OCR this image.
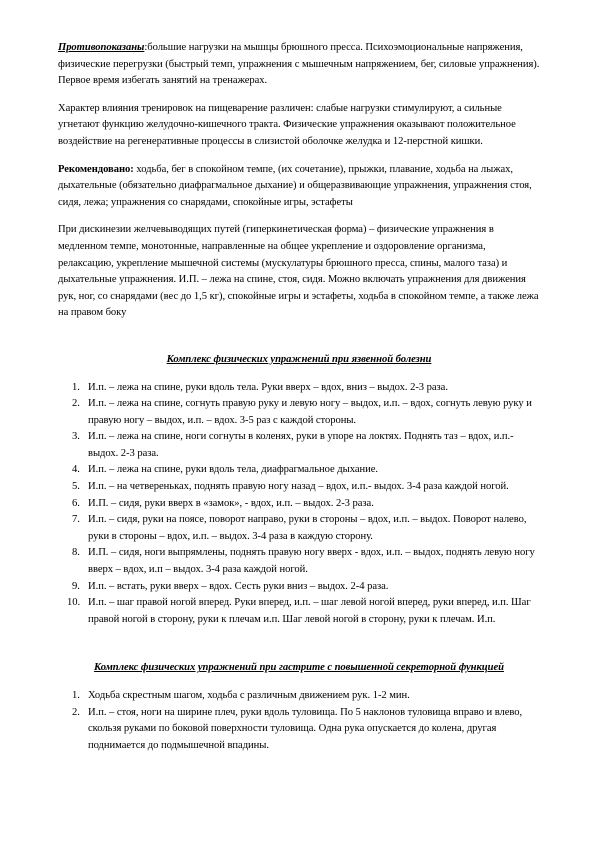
Противопоказаны:большие нагрузки на мышцы брюшного пресса. Психоэмоциональные напряжения, физические перегрузки (быстрый темп, упражнения с мышечным напряжением, бег, силовые упражнения). Первое время избегать занятий на тренажерах.

Характер влияния тренировок на пищеварение различен: слабые нагрузки стимулируют, а сильные угнетают функцию желудочно-кишечного тракта. Физические упражнения оказывают положительное воздействие на регенеративные процессы в слизистой оболочке желудка и 12-перстной кишки.

Рекомендовано: ходьба, бег в спокойном темпе, (их сочетание), прыжки, плавание, ходьба на лыжах, дыхательные (обязательно диафрагмальное дыхание) и общеразвивающие упражнения, упражнения стоя, сидя, лежа; упражнения со снарядами, спокойные игры, эстафеты

При дискинезии желчевыводящих путей (гиперкинетическая форма) – физические упражнения в медленном темпе, монотонные, направленные на общее укрепление и оздоровление организма, релаксацию, укрепление мышечной системы (мускулатуры брюшного пресса, спины, малого таза) и дыхательные упражнения. И.П. – лежа на спине, стоя, сидя. Можно включать упражнения для движения рук, ног, со снарядами (вес до 1,5 кг), спокойные игры и эстафеты, ходьба в спокойном темпе, а также лежа на правом боку

Комплекс физических упражнений при язвенной болезни
1. И.п. – лежа на спине, руки вдоль тела. Руки вверх – вдох, вниз – выдох. 2-3 раза.
2. И.п. – лежа на спине, согнуть правую руку и левую ногу – выдох, и.п. – вдох, согнуть левую руку и правую ногу – выдох, и.п. – вдох. 3-5 раз с каждой стороны.
3. И.п. – лежа на спине, ноги согнуты в коленях, руки в упоре на локтях. Поднять таз – вдох, и.п.- выдох. 2-3 раза.
4. И.п. – лежа на спине, руки вдоль тела, диафрагмальное дыхание.
5. И.п. – на четвереньках, поднять правую ногу назад – вдох, и.п.- выдох. 3-4 раза каждой ногой.
6. И.П. – сидя, руки вверх в «замок», - вдох, и.п. – выдох. 2-3 раза.
7. И.п. – сидя, руки на поясе, поворот направо, руки в стороны – вдох, и.п. – выдох. Поворот налево, руки в стороны – вдох, и.п. – выдох. 3-4 раза в каждую сторону.
8. И.П. – сидя, ноги выпрямлены, поднять правую ногу вверх - вдох, и.п. – выдох, поднять левую ногу вверх – вдох, и.п – выдох. 3-4 раза каждой ногой.
9. И.п. – встать, руки вверх – вдох. Сесть руки вниз – выдох. 2-4 раза.
10. И.п. – шаг правой ногой вперед. Руки вперед, и.п. – шаг левой ногой вперед, руки вперед, и.п. Шаг правой ногой в сторону, руки к плечам и.п. Шаг левой ногой в сторону, руки к плечам. И.п.
Комплекс физических упражнений при гастрите с повышенной секреторной функцией
1. Ходьба скрестным шагом, ходьба с различным движением рук. 1-2 мин.
2. И.п. – стоя, ноги на ширине плеч, руки вдоль туловища. По 5 наклонов туловища вправо и влево, скользя руками по боковой поверхности туловища. Одна рука опускается до колена, другая поднимается до подмышечной впадины.
